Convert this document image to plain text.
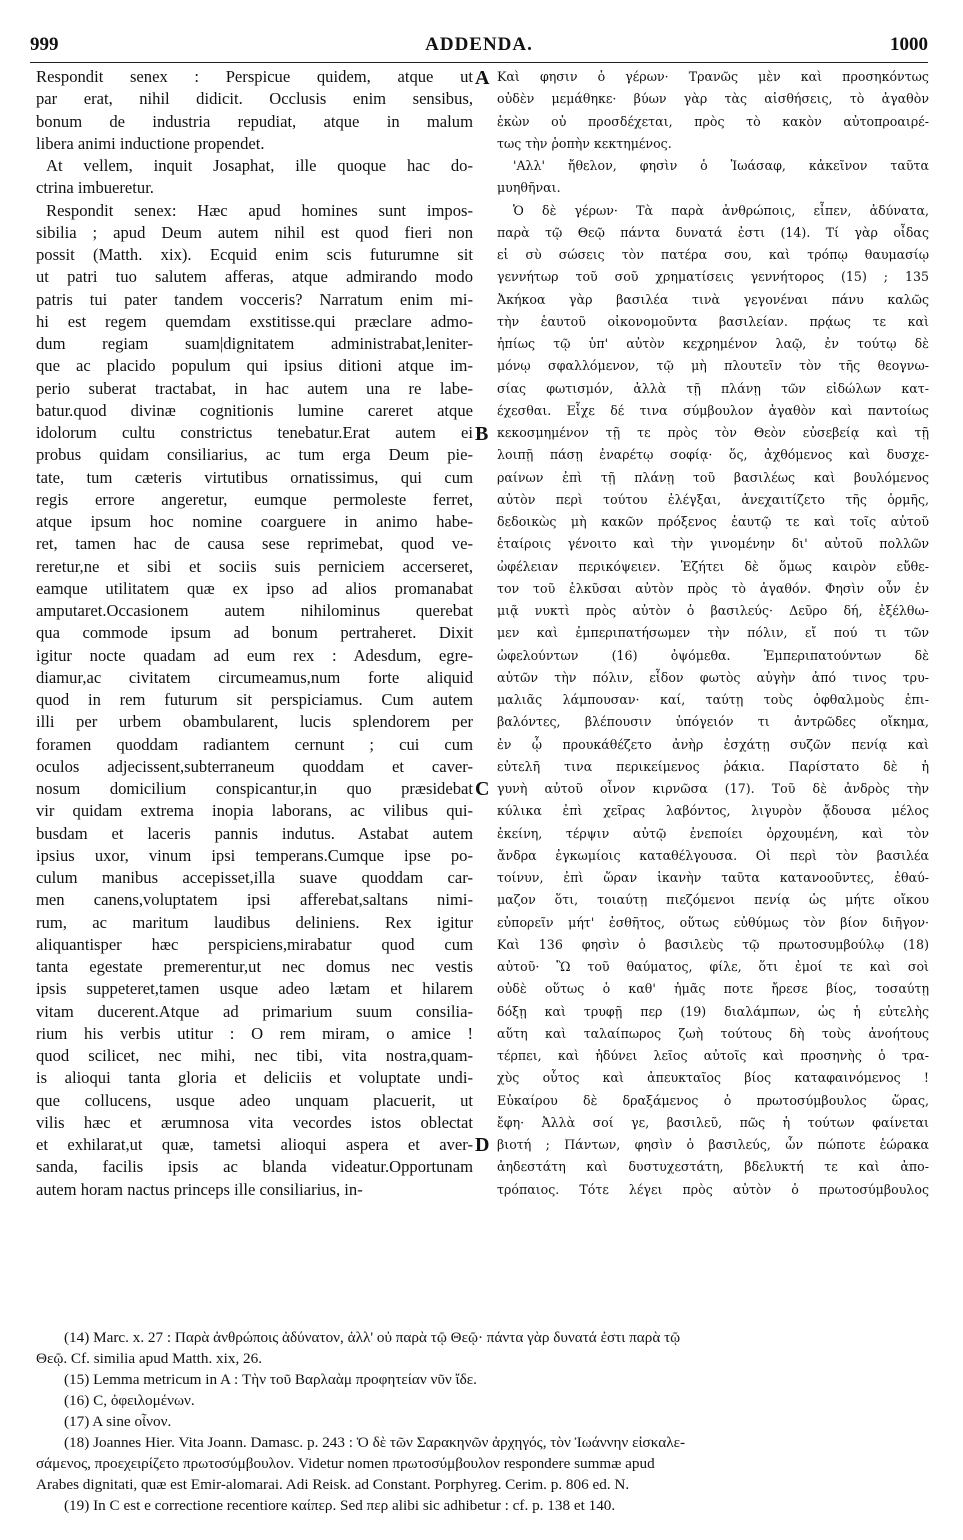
999	ADDENDA.	1000
Respondit senex : Perspicue quidem, atque ut
par erat, nihil didicit. Occlusis enim sensibus,
bonum de industria repudiat, atque in malum
libera animi inductione propendet.
At vellem, inquit Josaphat, ille quoque hac do-
ctrina imbueretur.
Respondit senex: Hæc apud homines sunt impos-
sibilia ; apud Deum autem nihil est quod fieri non
possit (Matth. xix). Ecquid enim scis futurumne sit
ut patri tuo salutem afferas, atque admirando modo
patris tui pater tandem vocceris? Narratum enim mi-
hi est regem quemdam exstitisse.qui præclare admo-
dum regiam suam|dignitatem administrabat,leniter-
que ac placido populum qui ipsius ditioni atque im-
perio suberat tractabat, in hac autem una re labe-
batur.quod divinæ cognitionis lumine careret atque
idolorum cultu constrictus tenebatur.Erat autem ei
probus quidam consiliarius, ac tum erga Deum pie-
tate, tum cæteris virtutibus ornatissimus, qui cum
regis errore angeretur, eumque permoleste ferret,
atque ipsum hoc nomine coarguere in animo habe-
ret, tamen hac de causa sese reprimebat, quod ve-
reretur,ne et sibi et sociis suis perniciem accerseret,
eamque utilitatem quæ ex ipso ad alios promanabat
amputaret.Occasionem autem nihilominus querebat
qua commode ipsum ad bonum pertraheret. Dixit
igitur nocte quadam ad eum rex : Adesdum, egre-
diamur,ac civitatem circumeamus,num forte aliquid
quod in rem futurum sit perspiciamus. Cum autem
illi per urbem obambularent, lucis splendorem per
foramen quoddam radiantem cernunt ; cui cum
oculos adjecissent,subterraneum quoddam et caver-
nosum domicilium conspicantur,in quo præsidebat
vir quidam extrema inopia laborans, ac vilibus qui-
busdam et laceris pannis indutus. Astabat autem
ipsius uxor, vinum ipsi temperans.Cumque ipse po-
culum manibus accepisset,illa suave quoddam car-
men canens,voluptatem ipsi afferebat,saltans nimi-
rum, ac maritum laudibus deliniens. Rex igitur
aliquantisper hæc perspiciens,mirabatur quod cum
tanta egestate premerentur,ut nec domus nec vestis
ipsis suppeteret,tamen usque adeo lætam et hilarem
vitam ducerent.Atque ad primarium suum consilia-
rium his verbis utitur : O rem miram, o amice !
quod scilicet, nec mihi, nec tibi, vita nostra,quam-
is alioqui tanta gloria et deliciis et voluptate undi-
que collucens, usque adeo unquam placuerit, ut
vilis hæc et ærumnosa vita vecordes istos oblectat
et exhilarat,ut quæ, tametsi alioqui aspera et aver-
sanda, facilis ipsis ac blanda videatur.Opportunam
autem horam nactus princeps ille consiliarius, in-
Καὶ φησιν ὁ γέρων· Τρανῶς μὲν καὶ προσηκόντως
οὐδὲν μεμάθηκε· βύων γὰρ τὰς αἰσθήσεις, τὸ ἀγαθὸν
ἑκὼν οὐ προσδέχεται, πρὸς τὸ κακὸν αὐτοπροαιρέ-
τως τὴν ῥοπὴν κεκτημένος.
'Αλλ' ἤθελον, φησὶν ὁ Ἰωάσαφ, κἀκεῖνον ταῦτα
μυηθῆναι.
Ὁ δὲ γέρων· Τὰ παρὰ ἀνθρώποις, εἶπεν, ἀδύνατα,
παρὰ τῷ Θεῷ πάντα δυνατά ἐστι (14). Τί γὰρ οἶδας
εἰ σὺ σώσεις τὸν πατέρα σου, καὶ τρόπῳ θαυμασίῳ
γεννήτωρ τοῦ σοῦ χρηματίσεις γεννήτορος (15) ; 135
Ἀκήκοα γὰρ βασιλέα τινὰ γεγονέναι πάνυ καλῶς
τὴν ἑαυτοῦ οἰκονομοῦντα βασιλείαν. πρᾴως τε καὶ
ἠπίως τῷ ὑπ' αὐτὸν κεχρημένον λαῷ, ἐν τούτῳ δὲ
μόνῳ σφαλλόμενον, τῷ μὴ πλουτεῖν τὸν τῆς θεογνω-
σίας φωτισμόν, ἀλλὰ τῇ πλάνῃ τῶν εἰδώλων κατ-
έχεσθαι. Εἶχε δέ τινα σύμβουλον ἀγαθὸν καὶ παντοίως
κεκοσμημένον τῇ τε πρὸς τὸν Θεὸν εὐσεβείᾳ καὶ τῇ
λοιπῇ πάσῃ ἐναρέτῳ σοφίᾳ· ὅς, ἀχθόμενος καὶ δυσχε-
ραίνων ἐπὶ τῇ πλάνῃ τοῦ βασιλέως καὶ βουλόμενος
αὐτὸν περὶ τούτου ἐλέγξαι, ἀνεχαιτίζετο τῆς ὁρμῆς,
δεδοικὼς μὴ κακῶν πρόξενος ἑαυτῷ τε καὶ τοῖς αὐτοῦ
ἑταίροις γένοιτο καὶ τὴν γινομένην δι' αὐτοῦ πολλῶν
ὠφέλειαν περικόψειεν. Ἐζήτει δὲ ὅμως καιρὸν εὔθε-
τον τοῦ ἑλκῦσαι αὐτὸν πρὸς τὸ ἀγαθόν. Φησὶν οὖν ἐν
μιᾷ νυκτὶ πρὸς αὐτὸν ὁ βασιλεύς· Δεῦρο δή, ἐξέλθω-
μεν καὶ ἐμπεριπατήσωμεν τὴν πόλιν, εἴ πού τι τῶν
ὠφελούντων (16) ὀψόμεθα. Ἐμπεριπατούντων δὲ
αὐτῶν τὴν πόλιν, εἶδον φωτὸς αὐγὴν ἀπό τινος τρυ-
μαλιᾶς λάμπουσαν· καί, ταύτῃ τοὺς ὀφθαλμοὺς ἐπι-
βαλόντες, βλέπουσιν ὑπόγειόν τι ἀντρῶδες οἴκημα,
ἐν ᾧ προυκάθέζετο ἀνὴρ ἐσχάτῃ συζῶν πενίᾳ καὶ
εὐτελῆ τινα περικείμενος ῥάκια. Παρίστατο δὲ ἡ
γυνὴ αὐτοῦ οἶνον κιρνῶσα (17). Τοῦ δὲ ἀνδρὸς τὴν
κύλικα ἐπὶ χεῖρας λαβόντος, λιγυρὸν ᾄδουσα μέλος
ἐκείνη, τέρψιν αὐτῷ ἐνεποίει ὀρχουμένη, καὶ τὸν
ἄνδρα ἐγκωμίοις καταθέλγουσα. Οἱ περὶ τὸν βασιλέα
τοίνυν, ἐπὶ ὥραν ἱκανὴν ταῦτα κατανοοῦντες, ἐθαύ-
μαζον ὅτι, τοιαύτῃ πιεζόμενοι πενίᾳ ὡς μήτε οἴκου
εὐπορεῖν μήτ' ἐσθῆτος, οὕτως εὐθύμως τὸν βίον διῆγον·
Καὶ 136 φησὶν ὁ βασιλεὺς τῷ πρωτοσυμβούλῳ (18)
αὐτοῦ· Ὢ τοῦ θαύματος, φίλε, ὅτι ἐμοί τε καὶ σοὶ
οὐδὲ οὕτως ὁ καθ' ἡμᾶς ποτε ἤρεσε βίος, τοσαύτῃ
δόξῃ καὶ τρυφῇ περ (19) διαλάμπων, ὡς ἡ εὐτελὴς
αὕτη καὶ ταλαίπωρος ζωὴ τούτους δὴ τοὺς ἀνοήτους
τέρπει, καὶ ἡδύνει λεῖος αὐτοῖς καὶ προσηνὴς ὁ τρα-
χὺς οὗτος καὶ ἀπευκταῖος βίος καταφαινόμενος !
Εὐκαίρου δὲ δραξάμενος ὁ πρωτοσύμβουλος ὥρας,
ἔφη· Ἀλλὰ σοί γε, βασιλεῦ, πῶς ἡ τούτων φαίνεται
βιοτή ; Πάντων, φησὶν ὁ βασιλεύς, ὧν πώποτε ἑώρακα
ἀηδεστάτη καὶ δυστυχεστάτη, βδελυκτή τε καὶ ἀπο-
τρόπαιος. Τότε λέγει πρὸς αὐτὸν ὁ πρωτοσύμβουλος
A
B
C
D
(14) Marc. x. 27 : Παρὰ ἀνθρώποις ἀδύνατον, ἀλλ' οὐ παρὰ τῷ Θεῷ· πάντα γὰρ δυνατά ἐστι παρὰ τῷ
Θεῷ. Cf. similia apud Matth. xix, 26.
(15) Lemma metricum in A : Τὴν τοῦ Βαρλαὰμ προφητείαν νῦν ἴδε.
(16) C, ὀφειλομένων.
(17) A sine οἶνον.
(18) Joannes Hier. Vita Joann. Damasc. p. 243 : Ὁ δὲ τῶν Σαρακηνῶν ἀρχηγός, τὸν Ἰωάννην εἰσκαλε-
σάμενος, προεχειρίζετο πρωτοσύμβουλον. Videtur nomen πρωτοσύμβουλον respondere summæ apud
Arabes dignitati, quæ est Emir-alomarai. Adi Reisk. ad Constant. Porphyreg. Cerim. p. 806 ed. N.
(19) In C est e correctione recentiore καίπερ. Sed περ alibi sic adhibetur : cf. p. 138 et 140.
